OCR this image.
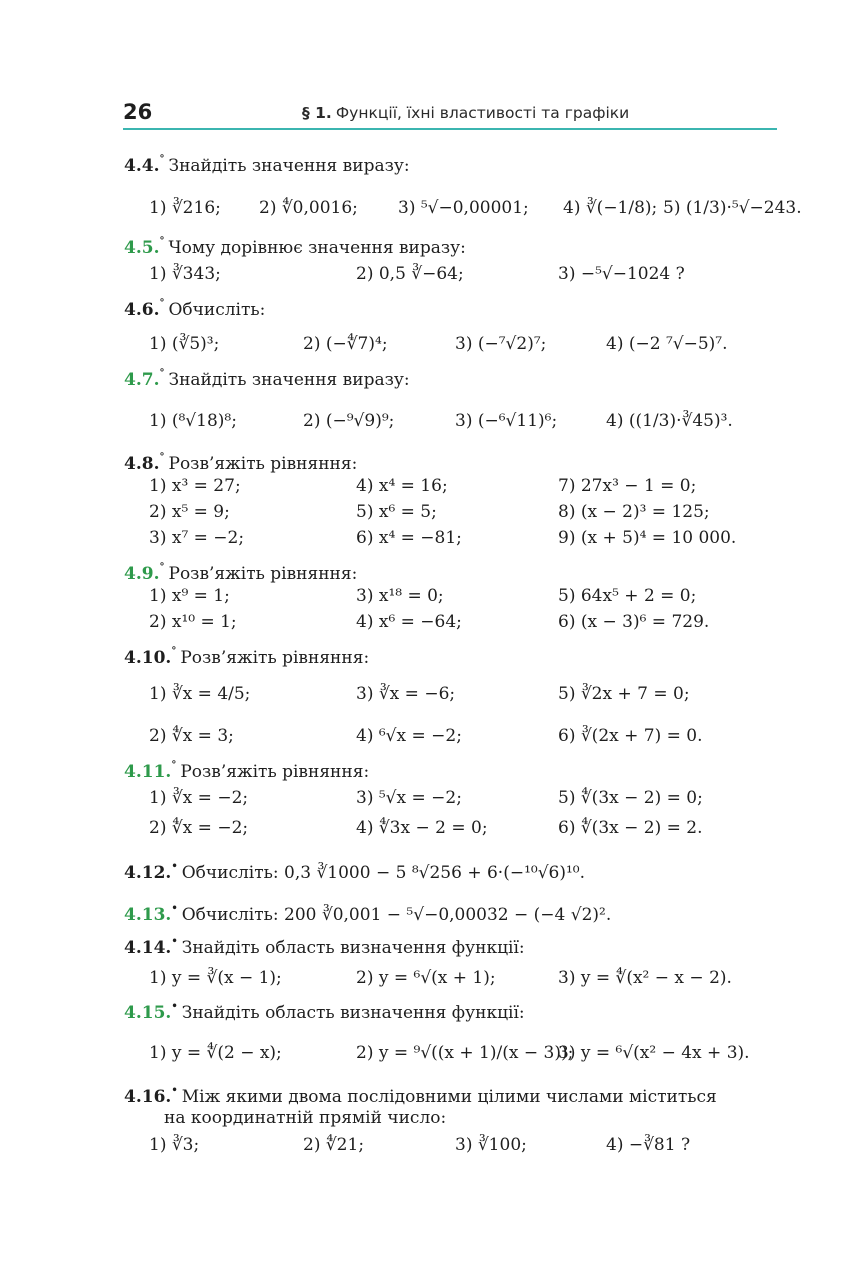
26	§ 1. Функції, їхні властивості та графіки
4.4.° Знайдіть значення виразу:
1) ∛216; 2) ∜0,0016; 3) ⁵√−0,00001; 4) ∛(−1/8); 5) (1/3)·⁵√−243.
4.5.° Чому дорівнює значення виразу:
1) ∛343;	2) 0,5 ∛−64;	3) −⁵√−1024 ?
4.6.° Обчисліть:
1) (∛5)³;	2) (−∜7)⁴;	3) (−⁷√2)⁷;	4) (−2 ⁷√−5)⁷.
4.7.° Знайдіть значення виразу:
1) (⁸√18)⁸;	2) (−⁹√9)⁹;	3) (−⁶√11)⁶;	4) ((1/3)·∛45)³.
4.8.° Розв’яжіть рівняння:
1) x³ = 27;	4) x⁴ = 16;	7) 27x³ − 1 = 0;
2) x⁵ = 9;	5) x⁶ = 5;	8) (x − 2)³ = 125;
3) x⁷ = −2;	6) x⁴ = −81;	9) (x + 5)⁴ = 10 000.
4.9.° Розв’яжіть рівняння:
1) x⁹ = 1;	3) x¹⁸ = 0;	5) 64x⁵ + 2 = 0;
2) x¹⁰ = 1;	4) x⁶ = −64;	6) (x − 3)⁶ = 729.
4.10.° Розв’яжіть рівняння:
1) ∛x = 4/5;	3) ∛x = −6;	5) ∛2x + 7 = 0;
2) ∜x = 3;	4) ⁶√x = −2;	6) ∛(2x + 7) = 0.
4.11.° Розв’яжіть рівняння:
1) ∛x = −2;	3) ⁵√x = −2;	5) ∜(3x − 2) = 0;
2) ∜x = −2;	4) ∜3x − 2 = 0;	6) ∜(3x − 2) = 2.
4.12.• Обчисліть: 0,3 ∛1000 − 5 ⁸√256 + 6·(−¹⁰√6)¹⁰.
4.13.• Обчисліть: 200 ∛0,001 − ⁵√−0,00032 − (−4 √2)².
4.14.• Знайдіть область визначення функції:
1) y = ∛(x − 1);	2) y = ⁶√(x + 1);	3) y = ∜(x² − x − 2).
4.15.• Знайдіть область визначення функції:
1) y = ∜(2 − x);	2) y = ⁹√((x + 1)/(x − 3));
3) y = ⁶√(x² − 4x + 3).
4.16.• Між якими двома послідовними цілими числами міститься
на координатній прямій число:
1) ∛3;	2) ∜21;	3) ∛100;	4) −∛81 ?
